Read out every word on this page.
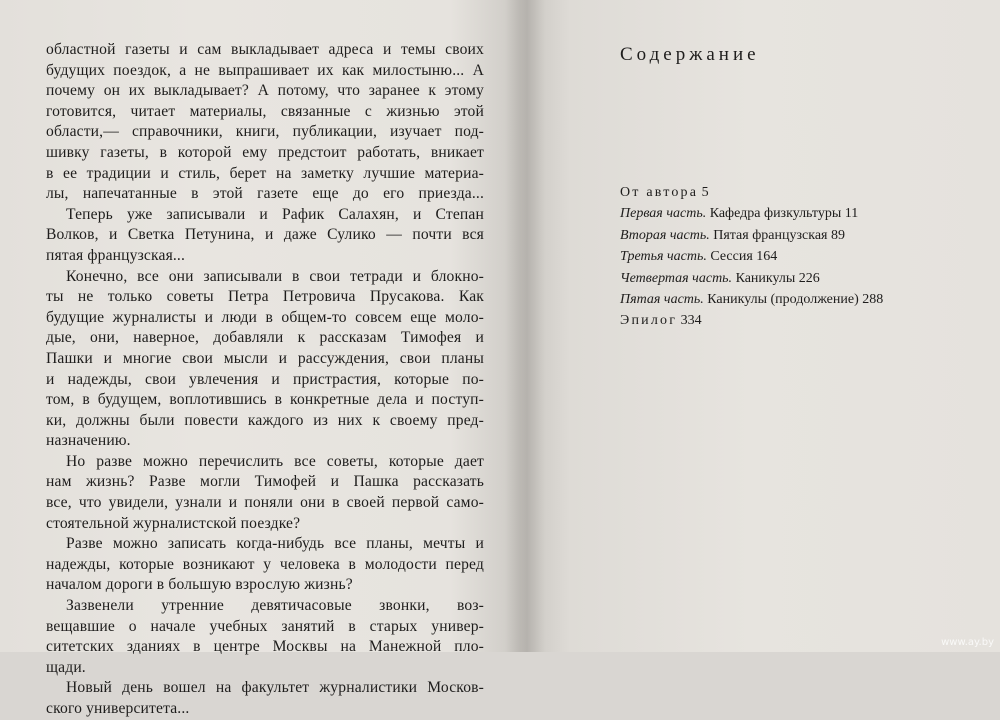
областной газеты и сам выкладывает адреса и темы своих
будущих поездок, а не выпрашивает их как милостыню... А
почему он их выкладывает? А потому, что заранее к этому
готовится, читает материалы, связанные с жизнью этой
области,— справочники, книги, публикации, изучает под-
шивку газеты, в которой ему предстоит работать, вникает
в ее традиции и стиль, берет на заметку лучшие материа-
лы, напечатанные в этой газете еще до его приезда...
Теперь уже записывали и Рафик Салахян, и Степан
Волков, и Светка Петунина, и даже Сулико — почти вся
пятая французская...
Конечно, все они записывали в свои тетради и блокно-
ты не только советы Петра Петровича Прусакова. Как
будущие журналисты и люди в общем-то совсем еще моло-
дые, они, наверное, добавляли к рассказам Тимофея и
Пашки и многие свои мысли и рассуждения, свои планы
и надежды, свои увлечения и пристрастия, которые по-
том, в будущем, воплотившись в конкретные дела и поступ-
ки, должны были повести каждого из них к своему пред-
назначению.
Но разве можно перечислить все советы, которые дает
нам жизнь? Разве могли Тимофей и Пашка рассказать
все, что увидели, узнали и поняли они в своей первой само-
стоятельной журналистской поездке?
Разве можно записать когда-нибудь все планы, мечты и
надежды, которые возникают у человека в молодости перед
началом дороги в большую взрослую жизнь?
Зазвенели утренние девятичасовые звонки, воз-
вещавшие о начале учебных занятий в старых универ-
ситетских зданиях в центре Москвы на Манежной пло-
щади.
Новый день вошел на факультет журналистики Москов-
ского университета...
Содержание
От автора 5
Первая часть. Кафедра физкультуры 11
Вторая часть. Пятая французская 89
Третья часть. Сессия 164
Четвертая часть. Каникулы 226
Пятая часть. Каникулы (продолжение) 288
Эпилог 334
www.ay.by
